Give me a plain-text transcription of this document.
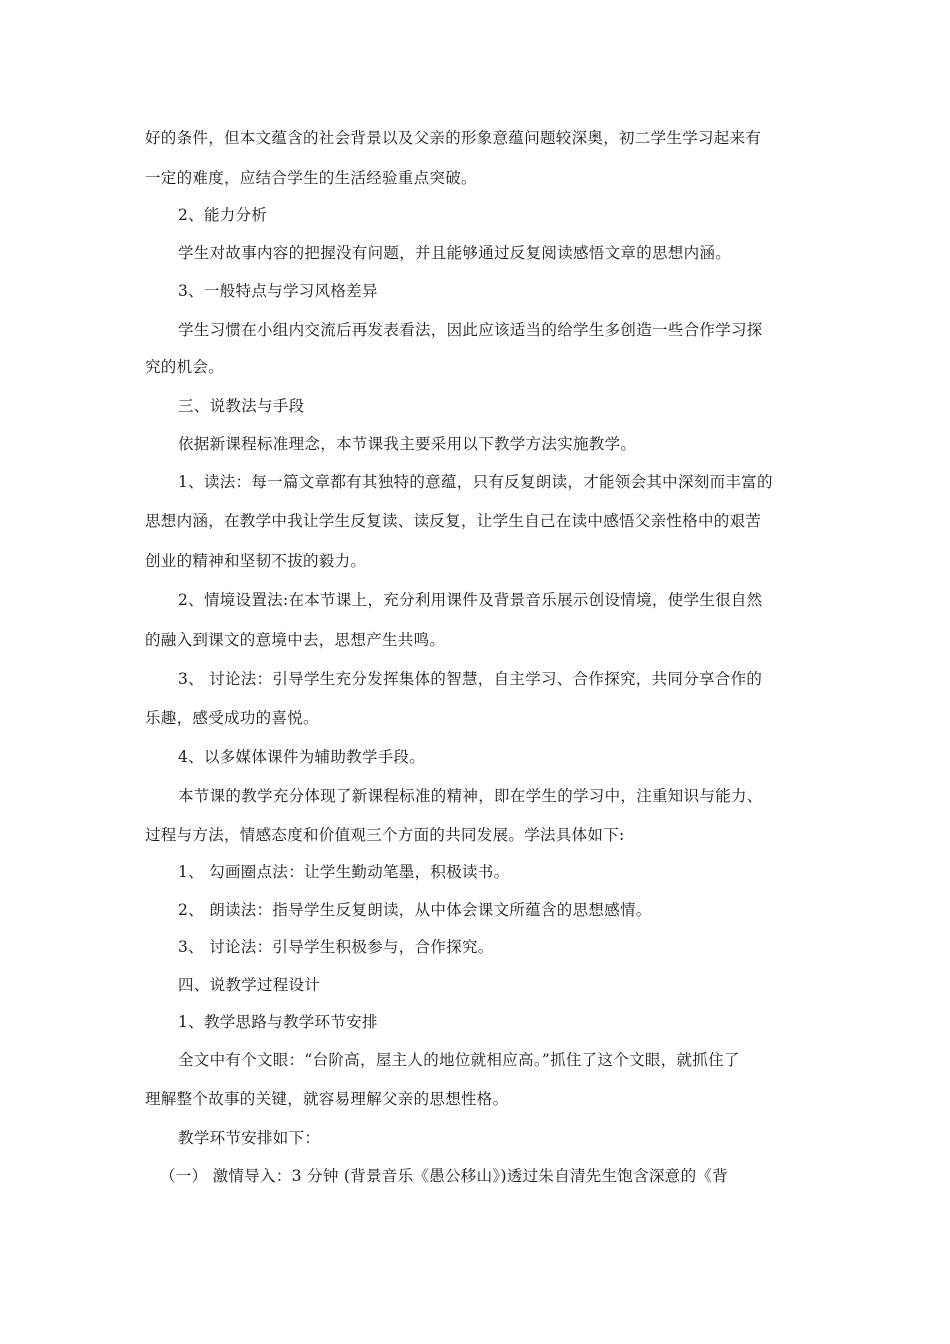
好的条件，但本文蕴含的社会背景以及父亲的形象意蕴问题较深奥，初二学生学习起来有
一定的难度，应结合学生的生活经验重点突破。
2、能力分析
学生对故事内容的把握没有问题，并且能够通过反复阅读感悟文章的思想内涵。
3、一般特点与学习风格差异
学生习惯在小组内交流后再发表看法，因此应该适当的给学生多创造一些合作学习探
究的机会。
三、说教法与手段
依据新课程标准理念，本节课我主要采用以下教学方法实施教学。
1、读法：每一篇文章都有其独特的意蕴，只有反复朗读，才能领会其中深刻而丰富的
思想内涵，在教学中我让学生反复读、读反复，让学生自己在读中感悟父亲性格中的艰苦
创业的精神和坚韧不拔的毅力。
2、情境设置法:在本节课上，充分利用课件及背景音乐展示创设情境，使学生很自然
的融入到课文的意境中去，思想产生共鸣。
3、 讨论法：引导学生充分发挥集体的智慧，自主学习、合作探究，共同分享合作的
乐趣，感受成功的喜悦。
4、以多媒体课件为辅助教学手段。
本节课的教学充分体现了新课程标准的精神，即在学生的学习中，注重知识与能力、
过程与方法，情感态度和价值观三个方面的共同发展。学法具体如下:
1、 勾画圈点法：让学生勤动笔墨，积极读书。
2、 朗读法：指导学生反复朗读，从中体会课文所蕴含的思想感情。
3、 讨论法：引导学生积极参与，合作探究。
四、说教学过程设计
1、教学思路与教学环节安排
全文中有个文眼：“台阶高，屋主人的地位就相应高。”抓住了这个文眼，就抓住了
理解整个故事的关键，就容易理解父亲的思想性格。
教学环节安排如下：
（一） 激情导入：3 分钟 (背景音乐《愚公移山》)透过朱自清先生饱含深意的《背
